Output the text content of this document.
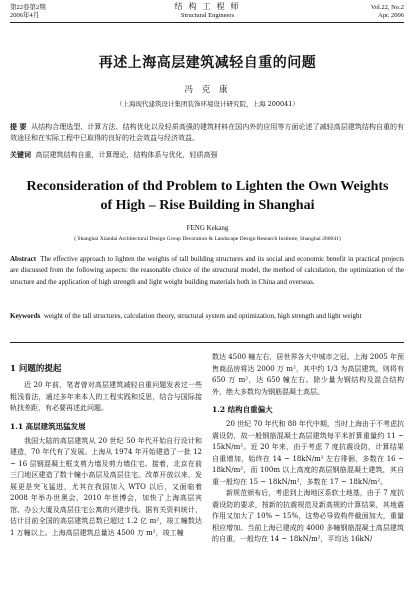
第22卷第2期
2006年4月
结 构 工 程 师
Structural Engineers
Vol.22, No.2
Apr. 2006
再述上海高层建筑减轻自重的问题
冯 克 康
（上海现代建筑设计集团装饰环境设计研究院，上海 200041）
提 要 从结构合理选型、计算方法、结构优化以及轻质高强的建筑材料在国内外的应用等方面论述了减轻高层建筑结构自重的有效途径和在实际工程中已取得的良好的社会效益与经济效益。
关键词 高层建筑结构自重，计算理论，结构体系与优化，轻质高强
Reconsideration of thd Problem to Lighten the Own Weights
of High – Rise Building in Shanghai
FENG Kekang
( Shanghai Xiandai Architectural Design Group Decoration & Landscape Design Research Institute, Shanghai 200041)
Abstract The effective approach to lighten the weights of tall building structures and its social and economic benefit in practical projects are discussed from the following aspects: the reasonable choice of the structural model, the method of calculation, the optimization of the structure and the application of high strength and light weight building materials both in China and overseas.
Keywords weight of the tall structures, calculation theory, structural system and optimization, high strength and light weight
1 问题的提起
近 20 年前，笔者曾对高层建筑减轻自重问题发表过一些粗浅看法，通过多年来本人的工程实践和反思，结合与国际接轨找差距，有必要再述此问题。
1.1 高层建筑迅猛发展
我国大陆的高层建筑从 20 世纪 50 年代开始自行设计和建造，70 年代有了发展。上海从 1974 年开始建造了一批 12 ~ 16 层钢混凝土框支剪力墙及剪力墙住宅。接着，北京在前三门地区建造了数十幢小高层及高层住宅。改革开放以来，发展更是突飞猛进，尤其在我国加入 WTO 以后，又面临着 2008 年举办世奥会，2010 年世博会，加快了上海高层宾馆、办公大厦及高层住宅公寓的兴建步伐。据有关资料统计，估计目前全国的高层建筑总数已超过 1.2 亿 m²，竣工幢数达 1 万幢以上。上海高层建筑总量达 4500 万 m²，竣工幢
数达 4500 幢左右，居世界各大中城市之冠。上海 2005 年预售商品房将达 2000 万 m²，其中约 1/3 为高层建筑，则将有 650 万 m²，达 650 幢左右。除少量为钢结构及混合结构外，绝大多数均为钢筋混凝土高层。
1.2 结构自重偏大
20 世纪 70 年代和 80 年代中期，当时上海由于不考虑抗震设防，故一般钢筋混凝土高层建筑每平米折算重量约 11 ~ 15kN/m²。近 20 年来，由于考虑 7 度抗震设防，计算结果自重增加，始终在 14 ~ 18kN/m² 左右徘徊，多数在 16 ~ 18kN/m²，而 100m 以上高度的高层钢筋混凝土建筑，其自重一般均在 15 ~ 18kN/m²，多数在 17 ~ 18kN/m²。
新规范颁布后，考虑到上海地区系软土地基，由于 7 度抗震设防的要求，按新的抗震规范及新高规的计算结果，其地震作用又加大了 10% ~ 15%，这势必导致构件截面加大，重量相应增加。当前上海已建成的 4000 多幢钢筋混凝土高层建筑的自重，一般均在 14 ~ 18kN/m²，平均达 16kN/
